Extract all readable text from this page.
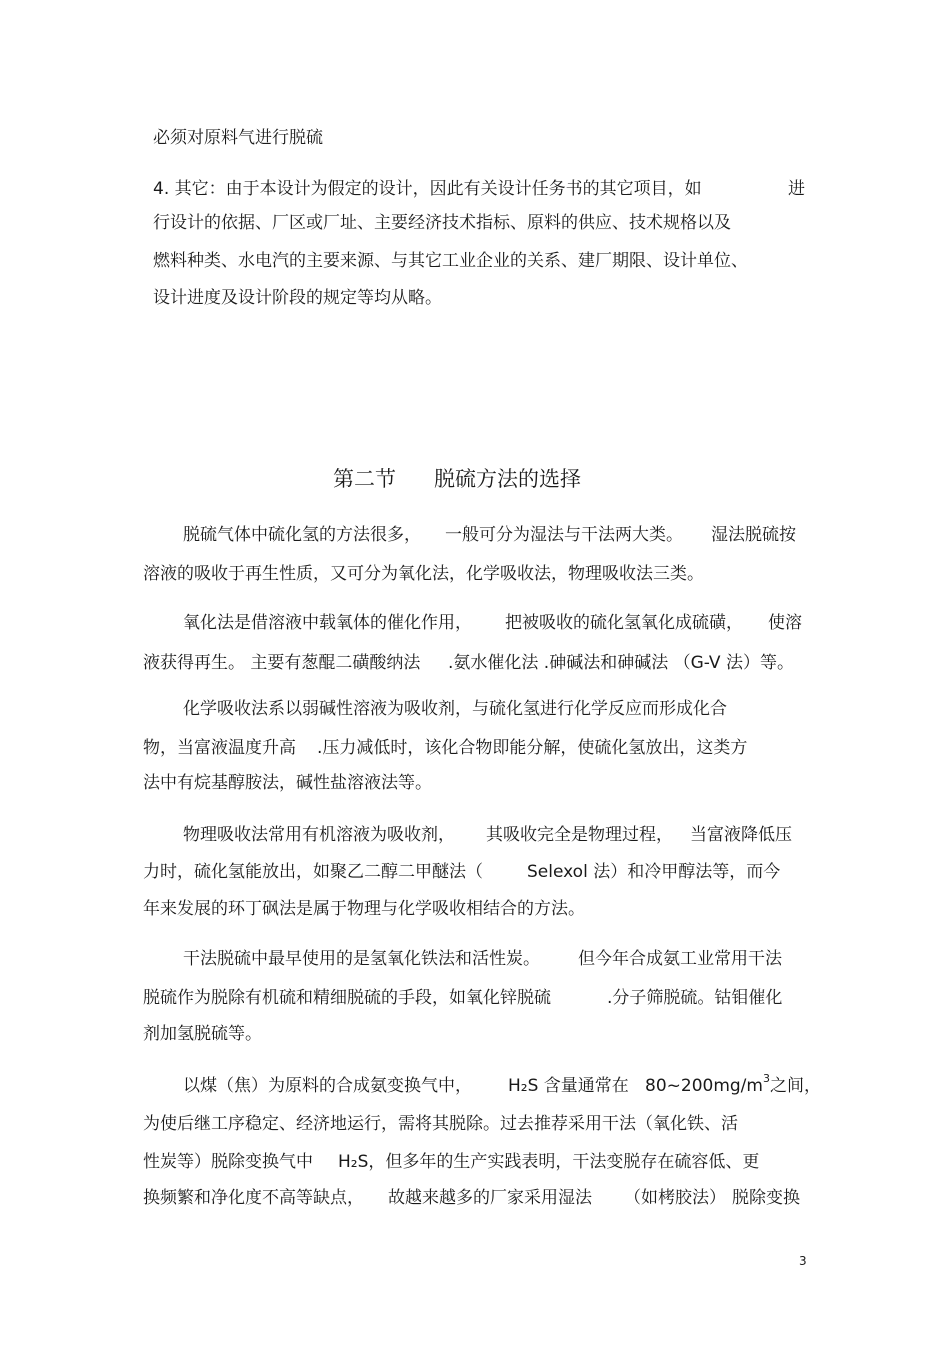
必须对原料气进行脱硫
4. 其它：由于本设计为假定的设计，因此有关设计任务书的其它项目，如	进
行设计的依据、厂区或厂址、主要经济技术指标、原料的供应、技术规格以及
燃料种类、水电汽的主要来源、与其它工业企业的关系、建厂期限、设计单位、
设计进度及设计阶段的规定等均从略。
第二节 脱硫方法的选择
脱硫气体中硫化氢的方法很多， 一般可分为湿法与干法两大类。 湿法脱硫按
溶液的吸收于再生性质，又可分为氧化法，化学吸收法，物理吸收法三类。
氧化法是借溶液中载氧体的催化作用， 把被吸收的硫化氢氧化成硫磺， 使溶
液获得再生。 主要有葱醌二磺酸纳法 .氨水催化法 .砷碱法和砷碱法 （G-V 法）等。
化学吸收法系以弱碱性溶液为吸收剂，与硫化氢进行化学反应而形成化合
物，当富液温度升高 .压力减低时，该化合物即能分解，使硫化氢放出，这类方
法中有烷基醇胺法，碱性盐溶液法等。
物理吸收法常用有机溶液为吸收剂， 其吸收完全是物理过程， 当富液降低压
力时，硫化氢能放出，如聚乙二醇二甲醚法（	Selexol 法）和冷甲醇法等，而今
年来发展的环丁砜法是属于物理与化学吸收相结合的方法。
干法脱硫中最早使用的是氢氧化铁法和活性炭。 但今年合成氨工业常用干法
脱硫作为脱除有机硫和精细脱硫的手段，如氧化锌脱硫	.分子筛脱硫。钴钼催化
剂加氢脱硫等。
以煤（焦）为原料的合成氨变换气中， H₂S 含量通常在 $80\sim 200mg/m^3$之间，
为使后继工序稳定、经济地运行，需将其脱除。过去推荐采用干法（氧化铁、活
性炭等）脱除变换气中 H₂S，但多年的生产实践表明，干法变脱存在硫容低、更
换频繁和净化度不高等缺点， 故越来越多的厂家采用湿法 （如栲胶法） 脱除变换
3
